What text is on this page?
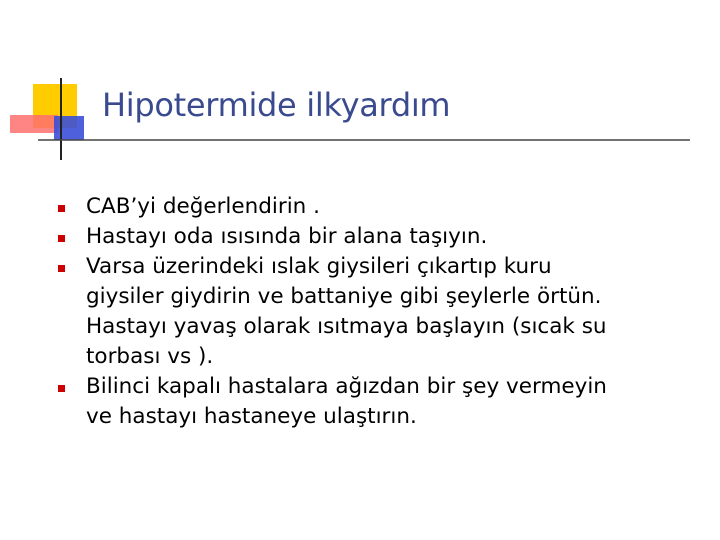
Hipotermide ilkyardım
CAB’yi değerlendirin .
Hastayı oda ısısında bir alana taşıyın.
Varsa üzerindeki ıslak giysileri çıkartıp kuru
giysiler giydirin ve battaniye gibi şeylerle örtün.
Hastayı yavaş olarak ısıtmaya başlayın (sıcak su
torbası vs ).
Bilinci kapalı hastalara ağızdan bir şey vermeyin
ve hastayı hastaneye ulaştırın.
